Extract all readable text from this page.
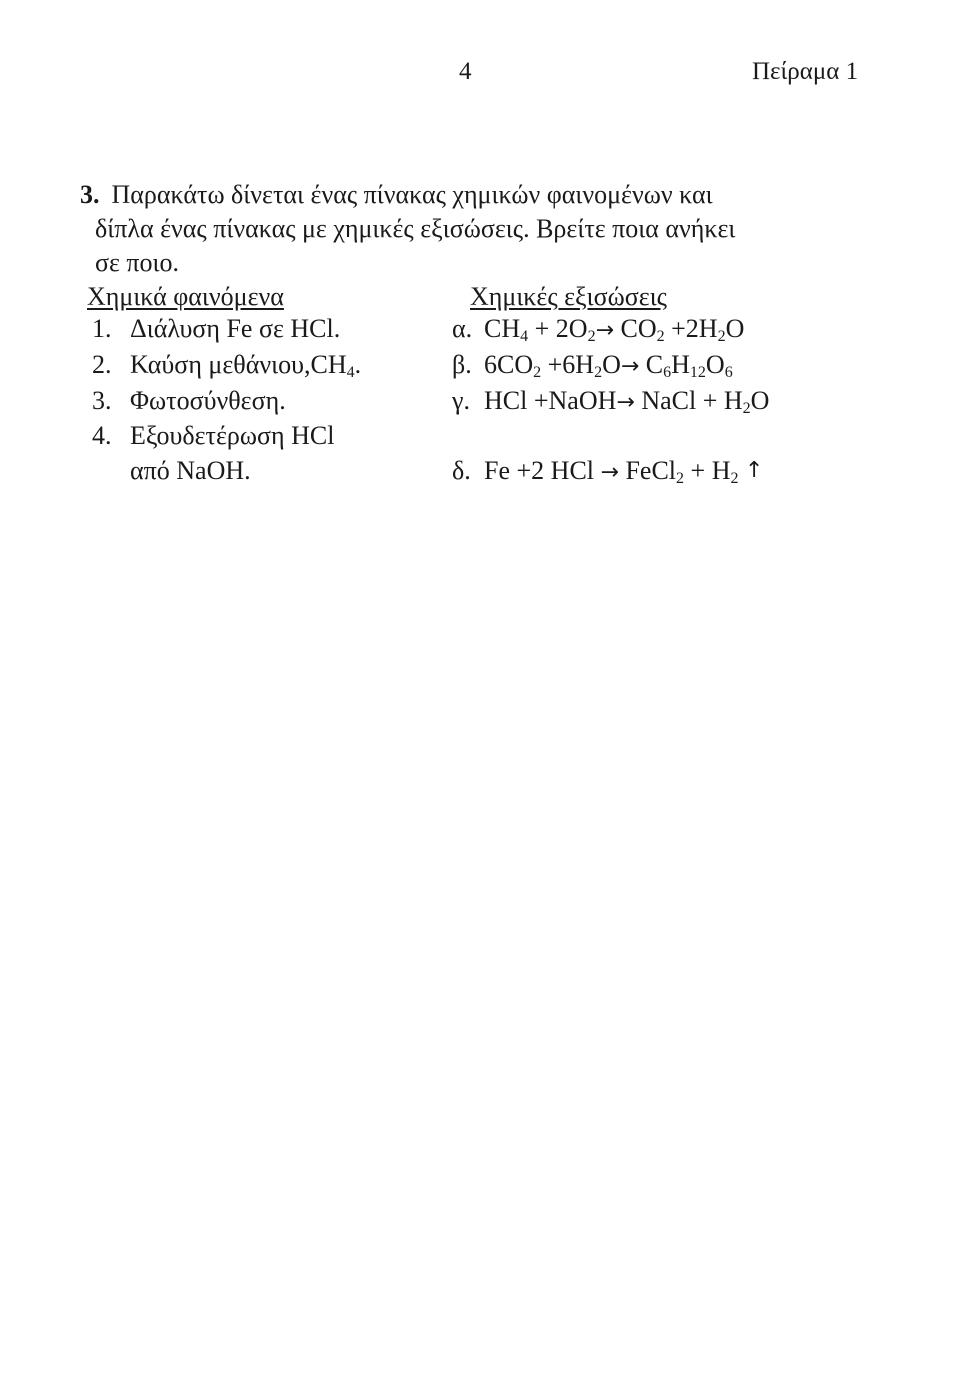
4	Πείραμα 1
3. Παρακάτω δίνεται ένας πίνακας χημικών φαινομένων και
δίπλα ένας πίνακας με χημικές εξισώσεις. Βρείτε ποια ανήκει
σε ποιο.
Χημικά φαινόμενα	Χημικές εξισώσεις
1. Διάλυση Fe σε HCl.
2. Καύση $\mu\varepsilon\theta ά\nu\iota o\upsilon,CH_4$.
3. Φωτοσύνθεση.
4. Εξουδετέρωση HCl
από NaOH.
α. $CH_4 + 2O_2\to CO_2 +2H_2O$
β. $6CO_2 +6H_2O\to C_6H_{12}O_6$
γ. HCl +NaOH→ NaCl + $H_2O$
δ. Fe +2 HCl → FeCl$_2$ + $H_2$ ↑
